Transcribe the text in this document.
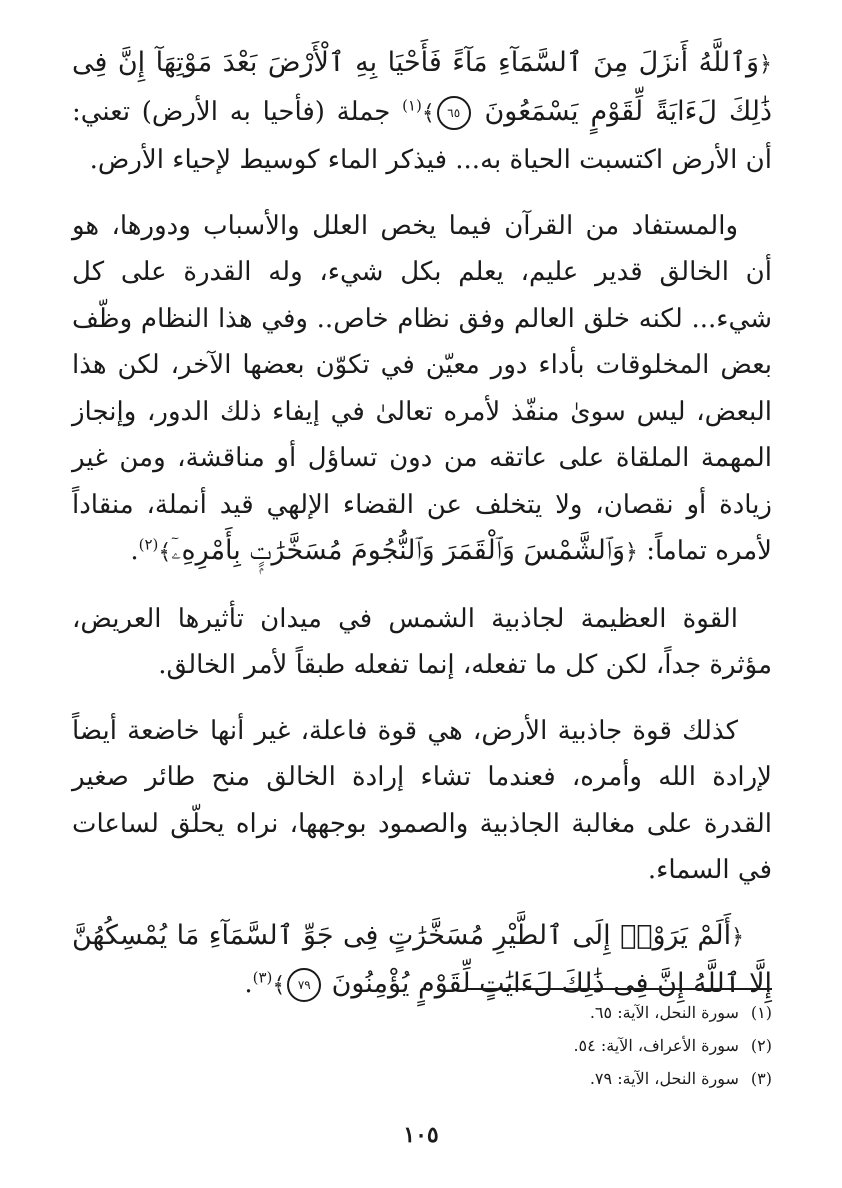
﴿وَٱللَّهُ أَنزَلَ مِنَ ٱلسَّمَآءِ مَآءً فَأَحْيَا بِهِ ٱلْأَرْضَ بَعْدَ مَوْتِهَآ إِنَّ فِى ذَٰلِكَ لَءَايَةً لِّقَوْمٍ يَسْمَعُونَ ٦٥﴾$^{(١)}$ جملة (فأحيا به الأرض) تعني: أن الأرض اكتسبت الحياة به... فيذكر الماء كوسيط لإحياء الأرض.

والمستفاد من القرآن فيما يخص العلل والأسباب ودورها، هو أن الخالق قدير عليم، يعلم بكل شيء، وله القدرة على كل شيء... لكنه خلق العالم وفق نظام خاص.. وفي هذا النظام وظّف بعض المخلوقات بأداء دور معيّن في تكوّن بعضها الآخر، لكن هذا البعض، ليس سوىٰ منفّذ لأمره تعالىٰ في إيفاء ذلك الدور، وإنجاز المهمة الملقاة على عاتقه من دون تساؤل أو مناقشة، ومن غير زيادة أو نقصان، ولا يتخلف عن القضاء الإلهي قيد أنملة، منقاداً لأمره تماماً: ﴿وَٱلشَّمْسَ وَٱلْقَمَرَ وَٱلنُّجُومَ مُسَخَّرَٰتٍۭ بِأَمْرِهِۦٓ﴾$^{(٢)}$.

القوة العظيمة لجاذبية الشمس في ميدان تأثيرها العريض، مؤثرة جداً، لكن كل ما تفعله، إنما تفعله طبقاً لأمر الخالق.

كذلك قوة جاذبية الأرض، هي قوة فاعلة، غير أنها خاضعة أيضاً لإرادة الله وأمره، فعندما تشاء إرادة الخالق منح طائر صغير القدرة على مغالبة الجاذبية والصمود بوجهها، نراه يحلّق لساعات في السماء.

﴿أَلَمْ يَرَوْا۟ إِلَى ٱلطَّيْرِ مُسَخَّرَٰتٍ فِى جَوِّ ٱلسَّمَآءِ مَا يُمْسِكُهُنَّ إِلَّا ٱللَّهُ إِنَّ فِى ذَٰلِكَ لَءَايَٰتٍ لِّقَوْمٍ يُؤْمِنُونَ ٧٩﴾$^{(٣)}$.

(١)سورة النحل، الآية: ٦٥.
(٢)سورة الأعراف، الآية: ٥٤.
(٣)سورة النحل، الآية: ٧٩.
١٠٥
